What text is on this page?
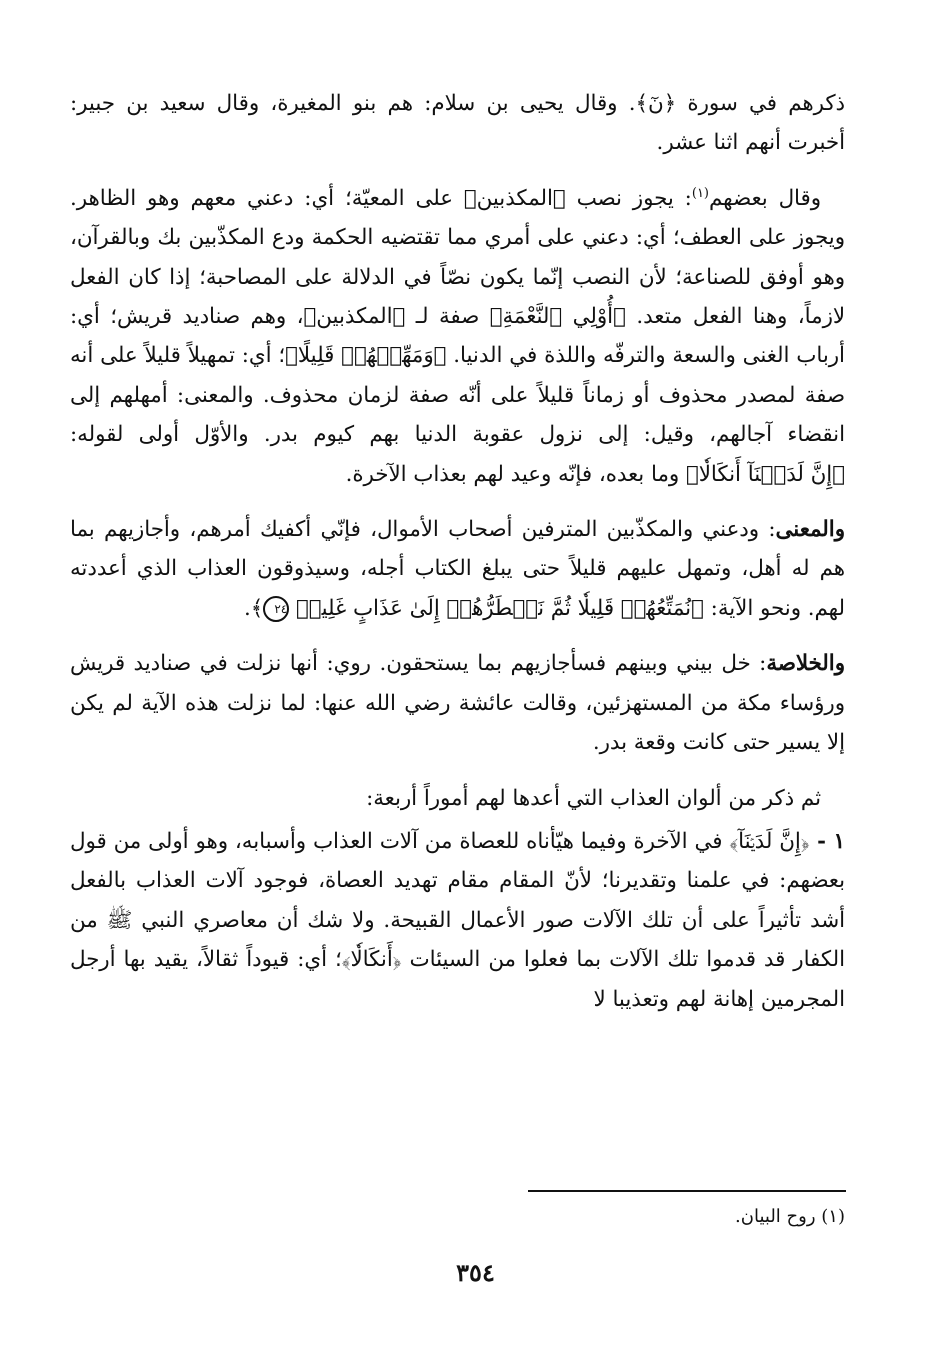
ذكرهم في سورة ﴿نٓ﴾. وقال يحيى بن سلام: هم بنو المغيرة، وقال سعيد بن جبير: أخبرت أنهم اثنا عشر.

وقال بعضهم$^{(١)}$: يجوز نصب ﴿المكذبين﴾ على المعيّة؛ أي: دعني معهم وهو الظاهر. ويجوز على العطف؛ أي: دعني على أمري مما تقتضيه الحكمة ودع المكذّبين بك وبالقرآن، وهو أوفق للصناعة؛ لأن النصب إنّما يكون نصّاً في الدلالة على المصاحبة؛ إذا كان الفعل لازماً، وهنا الفعل متعد. ﴿أُوْلِي ٱلنَّعْمَةِ﴾ صفة لـ ﴿المكذبين﴾، وهم صناديد قريش؛ أي: أرباب الغنى والسعة والترفّه واللذة في الدنيا. ﴿وَمَهِّلۡهُمۡ قَلِيلًا﴾؛ أي: تمهيلاً قليلاً على أنه صفة لمصدر محذوف أو زماناً قليلاً على أنّه صفة لزمان محذوف. والمعنى: أمهلهم إلى انقضاء آجالهم، وقيل: إلى نزول عقوبة الدنيا بهم كيوم بدر. والأوّل أولى لقوله: ﴿إِنَّ لَدَيۡنَآ أَنكَالٗا﴾ وما بعده، فإنّه وعيد لهم بعذاب الآخرة.

والمعنى: ودعني والمكذّبين المترفين أصحاب الأموال، فإنّي أكفيك أمرهم، وأجازيهم بما هم له أهل، وتمهل عليهم قليلاً حتى يبلغ الكتاب أجله، وسيذوقون العذاب الذي أعددته لهم. ونحو الآية: ﴿نُمَتِّعُهُمۡ قَلِيلٗا ثُمَّ نَضۡطَرُّهُمۡ إِلَىٰ عَذَابٍ غَلِيظٖ ٢٤﴾.

والخلاصة: خل بيني وبينهم فسأجازيهم بما يستحقون. روي: أنها نزلت في صناديد قريش ورؤساء مكة من المستهزئين، وقالت عائشة رضي الله عنها: لما نزلت هذه الآية لم يكن إلا يسير حتى كانت وقعة بدر.

ثم ذكر من ألوان العذاب التي أعدها لهم أموراً أربعة:

١ - ﴿إِنَّ لَدَيۡنَآ﴾ في الآخرة وفيما هيّأناه للعصاة من آلات العذاب وأسبابه، وهو أولى من قول بعضهم: في علمنا وتقديرنا؛ لأنّ المقام مقام تهديد العصاة، فوجود آلات العذاب بالفعل أشد تأثيراً على أن تلك الآلات صور الأعمال القبيحة. ولا شك أن معاصري النبي ﷺ من الكفار قد قدموا تلك الآلات بما فعلوا من السيئات ﴿أَنكَالٗا﴾؛ أي: قيوداً ثقالاً، يقيد بها أرجل المجرمين إهانة لهم وتعذيبا لا

(١) روح البيان.
٣٥٤
